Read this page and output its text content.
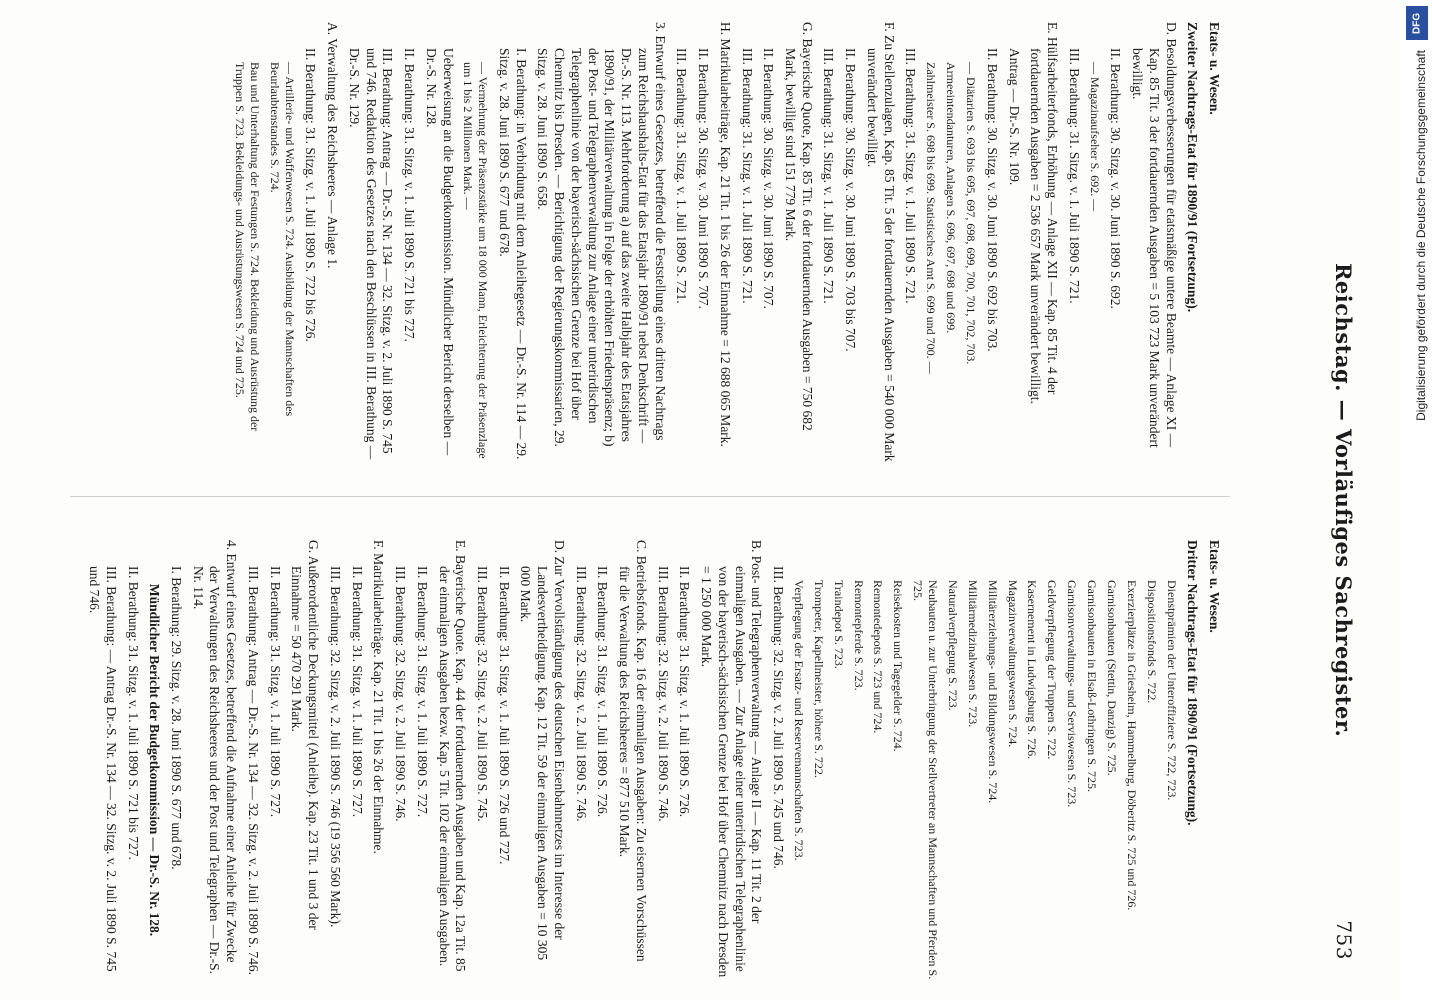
Reichstag. — Vorläufiges Sachregister.
753

Etats- u. Wesen.

Zweiter Nachtrags-Etat für 1890/91 (Fortsetzung).

D. Besoldungsverbesserungen für etatsmäßige untere Beamte — Anlage XI — Kap. 85 Tit. 3 der fortdauernden Ausgaben = 5 103 723 Mark unverändert bewilligt.

II. Berathung: 30. Sitzg. v. 30. Juni 1890 S. 692.

— Magazinaufseher S. 692. —

III. Berathung: 31. Sitzg. v. 1. Juli 1890 S. 721.

E. Hülfsarbeiterfonds, Erhöhung — Anlage XII — Kap. 85 Tit. 4 der fortdauernden Ausgaben = 2 536 657 Mark unverändert bewilligt.

Antrag — Dr.-S. Nr. 109.

II. Berathung: 30. Sitzg. v. 30. Juni 1890 S. 692 bis 703.

— Diätarien S. 693 bis 695, 697, 698, 699, 700, 701, 702, 703.

Armeeintendanturen, Anlagen S. 696, 697, 698 und 699.

Zahlmeister S. 698 bis 699. Statistisches Amt S. 699 und 700. —

III. Berathung: 31. Sitzg. v. 1. Juli 1890 S. 721.

F. Zu Stellenzulagen, Kap. 85 Tit. 5 der fortdauernden Ausgaben = 540 000 Mark unverändert bewilligt.

II. Berathung: 30. Sitzg. v. 30. Juni 1890 S. 703 bis 707.

III. Berathung: 31. Sitzg. v. 1. Juli 1890 S. 721.

G. Bayerische Quote, Kap. 85 Tit. 6 der fortdauernden Ausgaben = 750 682 Mark, bewilligt sind 151 779 Mark.

II. Berathung: 30. Sitzg. v. 30. Juni 1890 S. 707.

III. Berathung: 31. Sitzg. v. 1. Juli 1890 S. 721.

H. Matrikularbeiträge, Kap. 21 Tit. 1 bis 26 der Einnahme = 12 688 065 Mark.

II. Berathung: 30. Sitzg. v. 30. Juni 1890 S. 707.

III. Berathung: 31. Sitzg. v. 1. Juli 1890 S. 721.

3. Entwurf eines Gesetzes, betreffend die Feststellung eines dritten Nachtrags zum Reichshaushalts-Etat für das Etatsjahr 1890/91 nebst Denkschrift — Dr.-S. Nr. 113. Mehrforderung a) auf das zweite Halbjahr des Etatsjahres 1890/91, der Militärverwaltung in Folge der erhöhten Friedenspräsenz; b) der Post- und Telegraphenverwaltung zur Anlage einer unterirdischen Telegraphenlinie von der bayerisch-sächsischen Grenze bei Hof über Chemnitz bis Dresden. — Berichtigung der Regierungskommissarien, 29. Sitzg. v. 28. Juni 1890 S. 658.

I. Berathung: in Verbindung mit dem Anleihegesetz — Dr.-S. Nr. 114 — 29. Sitzg. v. 28. Juni 1890 S. 677 und 678.

— Vermehrung der Präsenzstärke um 18 000 Mann, Erleichterung der Präsenzlage um 1 bis 2 Millionen Mark. —

Ueberweisung an die Budgetkommission. Mündlicher Bericht derselben — Dr.-S. Nr. 128.

II. Berathung: 31. Sitzg. v. 1. Juli 1890 S. 721 bis 727.

III. Berathung: Antrag — Dr.-S. Nr. 134 — 32. Sitzg. v. 2. Juli 1890 S. 745 und 746. Redaktion des Gesetzes nach den Beschlüssen in III. Berathung — Dr.-S. Nr. 129.

A. Verwaltung des Reichsheeres — Anlage 1.

II. Berathung: 31. Sitzg. v. 1. Juli 1890 S. 722 bis 726.

— Artillerie- und Waffenwesen S. 724. Ausbildung der Mannschaften des Beurlaubtenstandes S. 724.

Bau und Unterhaltung der Festungen S. 724. Bekleidung und Ausrüstung der Truppen S. 723. Bekleidungs- und Ausrüstungswesen S. 724 und 725.

Etats- u. Wesen.

Dritter Nachtrags-Etat für 1890/91 (Fortsetzung).

Dienstprämien der Unteroffiziere S. 722, 723.

Dispositionsfonds S. 722.

Exerzierplätze in Griesheim, Hammelburg, Döberitz S. 725 und 726.

Garnisonbauten (Stettin, Danzig) S. 725.

Garnisonbauten in Elsaß-Lothringen S. 725.

Garnisonverwaltungs- und Serviswesen S. 723.

Geldverpflegung der Truppen S. 722.

Kasernement in Ludwigsburg S. 726.

Magazinverwaltungswesen S. 724.

Militärerziehungs- und Bildungswesen S. 724.

Militärmedizinalwesen S. 723.

Naturalverpflegung S. 723.

Neubauten u. zur Unterbringung der Stellvertreter an Mannschaften und Pferden S. 725.

Reisekosten und Tagegelder S. 724.

Remontedepots S. 723 und 724.

Remontepferde S. 723.

Traindepot S. 723.

Trompeter, Kapellmeister, höhere S. 722.

Verpflegung der Ersatz- und Reservemannschaften S. 723.

III. Berathung: 32. Sitzg. v. 2. Juli 1890 S. 745 und 746.

B. Post- und Telegraphenverwaltung — Anlage II — Kap. 11 Tit. 2 der einmaligen Ausgaben. — Zur Anlage einer unterirdischen Telegraphenlinie von der bayerisch-sächsischen Grenze bei Hof über Chemnitz nach Dresden = 1 250 000 Mark.

II. Berathung: 31. Sitzg. v. 1. Juli 1890 S. 726.

III. Berathung: 32. Sitzg. v. 2. Juli 1890 S. 746.

C. Betriebsfonds. Kap. 16 der einmaligen Ausgaben: Zu eisernen Vorschüssen für die Verwaltung des Reichsheeres = 877 510 Mark.

II. Berathung: 31. Sitzg. v. 1. Juli 1890 S. 726.

III. Berathung: 32. Sitzg. v. 2. Juli 1890 S. 746.

D. Zur Vervollständigung des deutschen Eisenbahnnetzes im Interesse der Landesvertheidigung. Kap. 12 Tit. 59 der einmaligen Ausgaben = 10 305 000 Mark.

II. Berathung: 31. Sitzg. v. 1. Juli 1890 S. 726 und 727.

III. Berathung: 32. Sitzg. v. 2. Juli 1890 S. 745.

E. Bayerische Quote. Kap. 44 der fortdauernden Ausgaben und Kap. 12a Tit. 85 der einmaligen Ausgaben bezw. Kap. 5 Tit. 102 der einmaligen Ausgaben.

II. Berathung: 31. Sitzg. v. 1. Juli 1890 S. 727.

III. Berathung: 32. Sitzg. v. 2. Juli 1890 S. 746.

F. Matrikularbeiträge. Kap. 21 Tit. 1 bis 26 der Einnahme.

II. Berathung: 31. Sitzg. v. 1. Juli 1890 S. 727.

III. Berathung: 32. Sitzg. v. 2. Juli 1890 S. 746 (19 356 560 Mark).

G. Außerordentliche Deckungsmittel (Anleihe). Kap. 23 Tit. 1 und 3 der Einnahme = 50 470 291 Mark.

II. Berathung: 31. Sitzg. v. 1. Juli 1890 S. 727.

III. Berathung: Antrag — Dr.-S. Nr. 134 — 32. Sitzg. v. 2. Juli 1890 S. 746.

4. Entwurf eines Gesetzes, betreffend die Aufnahme einer Anleihe für Zwecke der Verwaltungen des Reichsheeres und der Post und Telegraphen — Dr.-S. Nr. 114.

I. Berathung: 29. Sitzg. v. 28. Juni 1890 S. 677 und 678.

Mündlicher Bericht der Budgetkommission — Dr.-S. Nr. 128.

II. Berathung: 31. Sitzg. v. 1. Juli 1890 S. 721 bis 727.

III. Berathung: — Antrag Dr.-S. Nr. 134 — 32. Sitzg. v. 2. Juli 1890 S. 745 und 746.

DFG
Digitalisierung gefördert durch die Deutsche Forschungsgemeinschaft
